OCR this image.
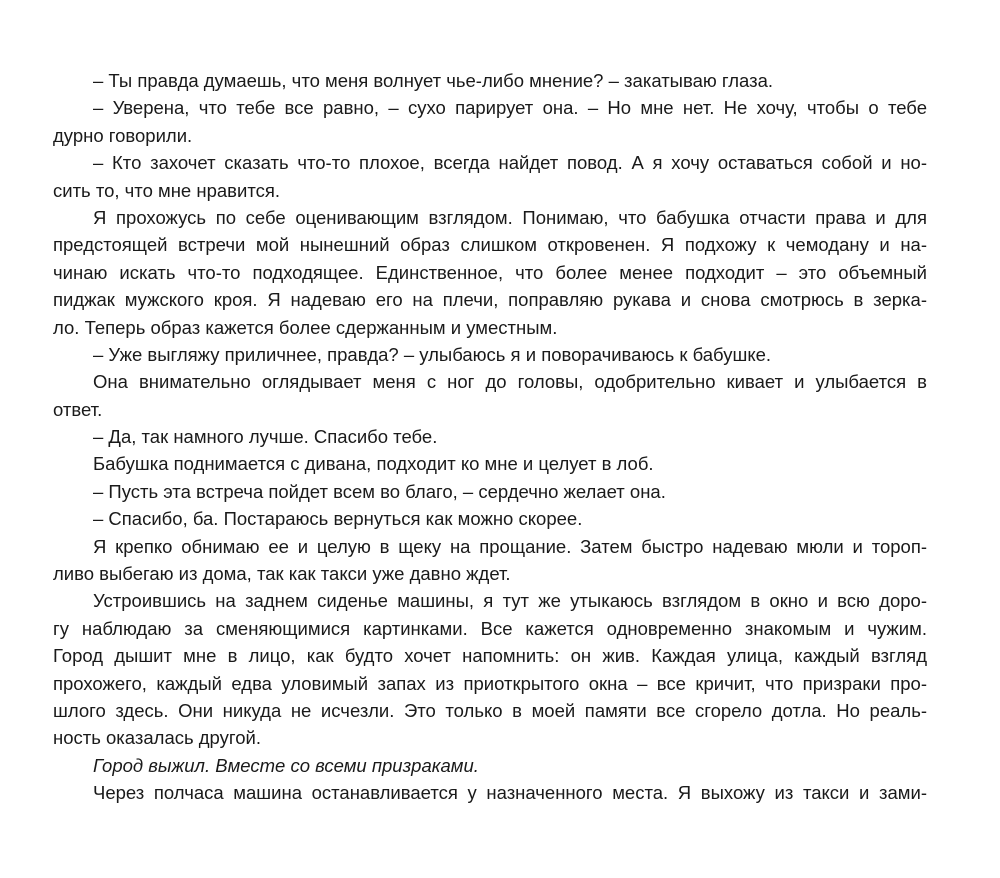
– Ты правда думаешь, что меня волнует чье-либо мнение? – закатываю глаза.
– Уверена, что тебе все равно, – сухо парирует она. – Но мне нет. Не хочу, чтобы о тебе
дурно говорили.
– Кто захочет сказать что-то плохое, всегда найдет повод. А я хочу оставаться собой и но-
сить то, что мне нравится.
Я прохожусь по себе оценивающим взглядом. Понимаю, что бабушка отчасти права и для
предстоящей встречи мой нынешний образ слишком откровенен. Я подхожу к чемодану и на-
чинаю искать что-то подходящее. Единственное, что более менее подходит – это объемный
пиджак мужского кроя. Я надеваю его на плечи, поправляю рукава и снова смотрюсь в зерка-
ло. Теперь образ кажется более сдержанным и уместным.
– Уже выгляжу приличнее, правда? – улыбаюсь я и поворачиваюсь к бабушке.
Она внимательно оглядывает меня с ног до головы, одобрительно кивает и улыбается в
ответ.
– Да, так намного лучше. Спасибо тебе.
Бабушка поднимается с дивана, подходит ко мне и целует в лоб.
– Пусть эта встреча пойдет всем во благо, – сердечно желает она.
– Спасибо, ба. Постараюсь вернуться как можно скорее.
Я крепко обнимаю ее и целую в щеку на прощание. Затем быстро надеваю мюли и тороп-
ливо выбегаю из дома, так как такси уже давно ждет.
Устроившись на заднем сиденье машины, я тут же утыкаюсь взглядом в окно и всю доро-
гу наблюдаю за сменяющимися картинками. Все кажется одновременно знакомым и чужим.
Город дышит мне в лицо, как будто хочет напомнить: он жив. Каждая улица, каждый взгляд
прохожего, каждый едва уловимый запах из приоткрытого окна – все кричит, что призраки про-
шлого здесь. Они никуда не исчезли. Это только в моей памяти все сгорело дотла. Но реаль-
ность оказалась другой.
Город выжил. Вместе со всеми призраками.
Через полчаса машина останавливается у назначенного места. Я выхожу из такси и зами-
